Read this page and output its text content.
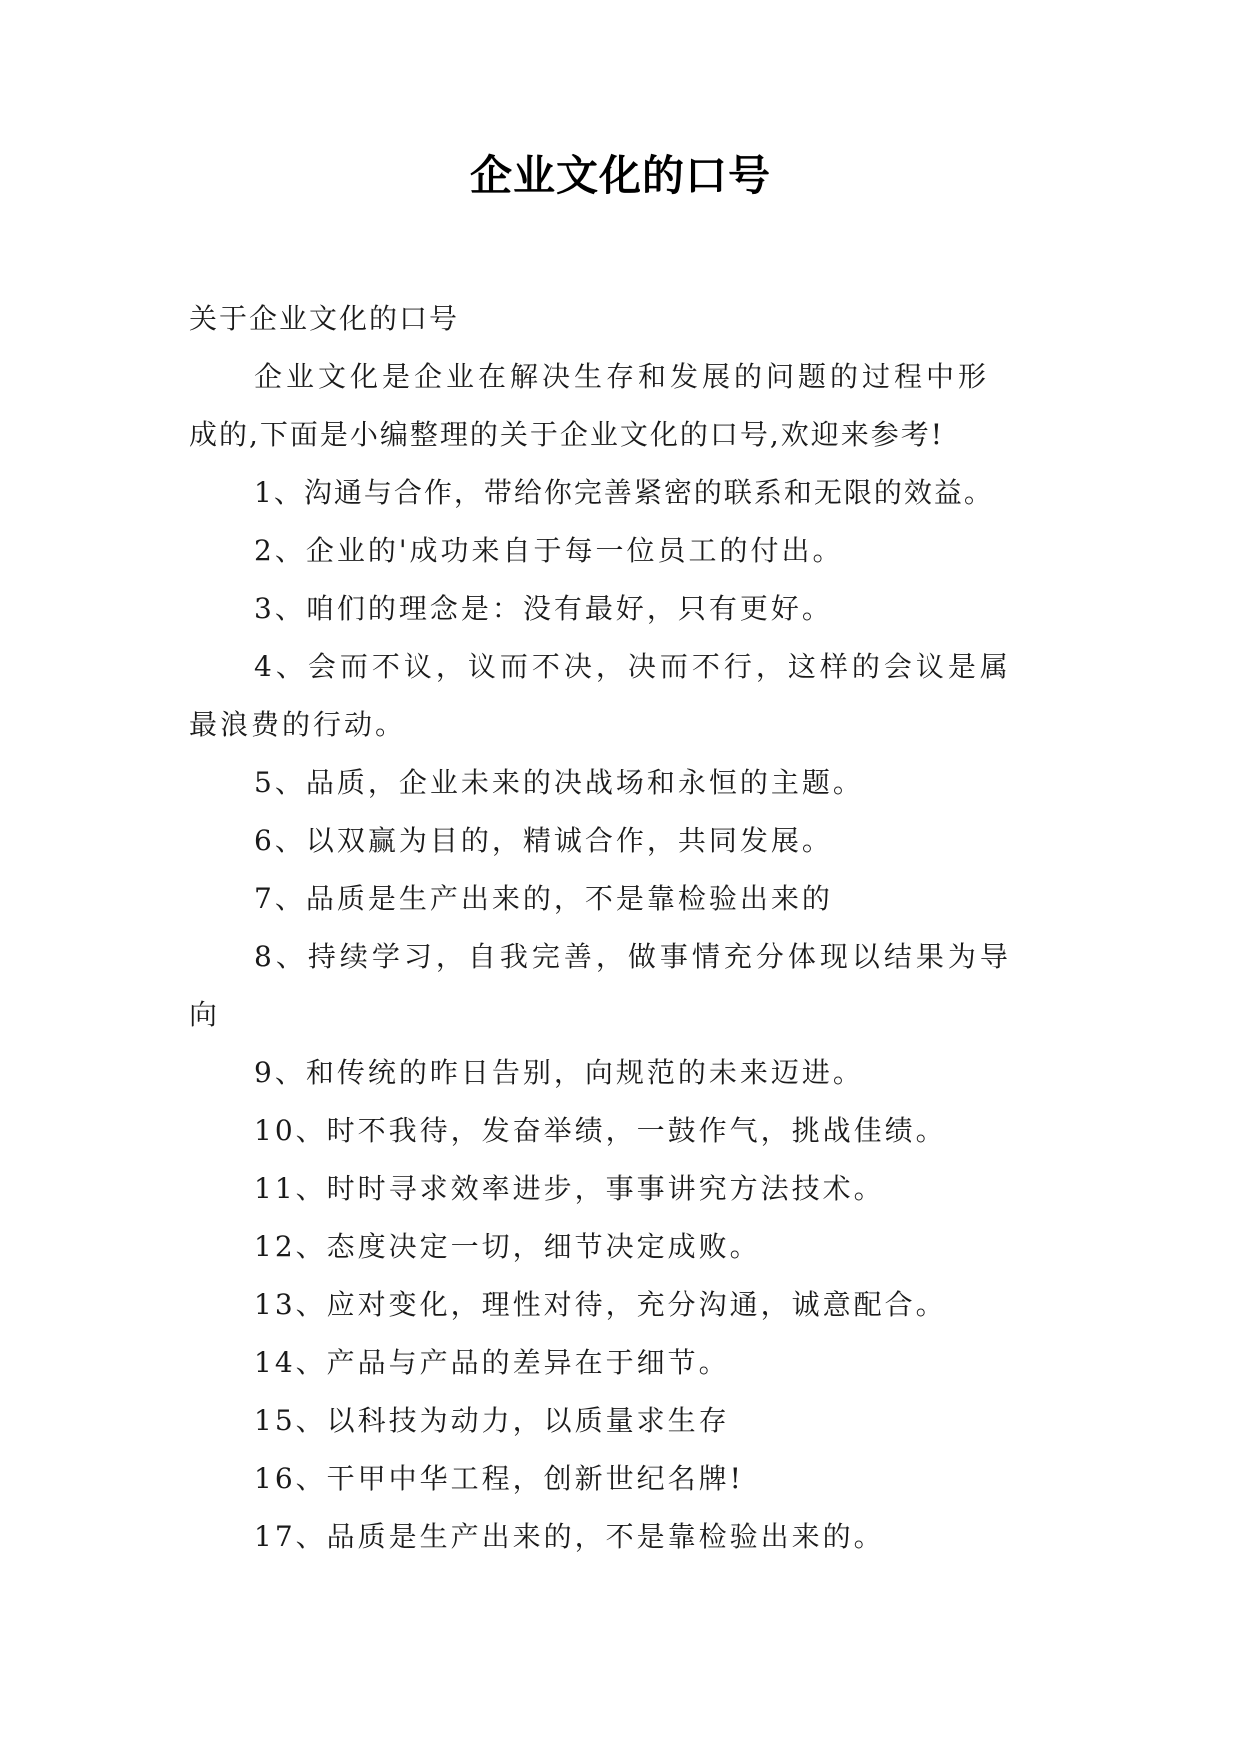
企业文化的口号
关于企业文化的口号
企业文化是企业在解决生存和发展的问题的过程中形
成的,下面是小编整理的关于企业文化的口号,欢迎来参考!
1、沟通与合作，带给你完善紧密的联系和无限的效益。
2、企业的'成功来自于每一位员工的付出。
3、咱们的理念是：没有最好，只有更好。
4、会而不议，议而不决，决而不行，这样的会议是属
最浪费的行动。
5、品质，企业未来的决战场和永恒的主题。
6、以双赢为目的，精诚合作，共同发展。
7、品质是生产出来的，不是靠检验出来的
8、持续学习，自我完善，做事情充分体现以结果为导
向
9、和传统的昨日告别，向规范的未来迈进。
10、时不我待，发奋举绩，一鼓作气，挑战佳绩。
11、时时寻求效率进步，事事讲究方法技术。
12、态度决定一切，细节决定成败。
13、应对变化，理性对待，充分沟通，诚意配合。
14、产品与产品的差异在于细节。
15、以科技为动力，以质量求生存
16、干甲中华工程，创新世纪名牌!
17、品质是生产出来的，不是靠检验出来的。
